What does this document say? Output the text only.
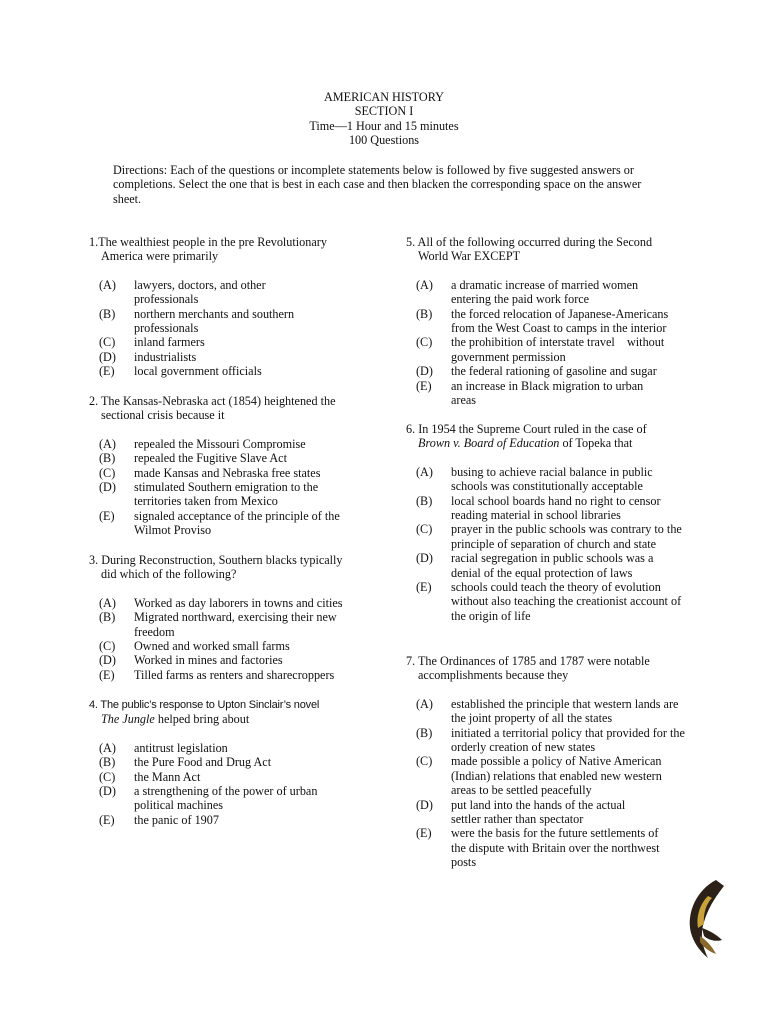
AMERICAN HISTORY
SECTION I
Time—1 Hour and 15 minutes
100 Questions
Directions: Each of the questions or incomplete statements below is followed by five suggested answers or completions. Select the one that is best in each case and then blacken the corresponding space on the answer sheet.
1.The wealthiest people in the pre Revolutionary
America were primarily
(A)	lawyers, doctors, and other professionals
(B)	northern merchants and southern professionals
(C)	inland farmers
(D)	industrialists
(E)	local government officials
2. The Kansas-Nebraska act (1854) heightened the
sectional crisis because it
(A)	repealed the Missouri Compromise
(B)	repealed the Fugitive Slave Act
(C)	made Kansas and Nebraska free states
(D)	stimulated Southern emigration to the territories taken from Mexico
(E)	signaled acceptance of the principle of the Wilmot Proviso
3. During Reconstruction, Southern blacks typically
did which of the following?
(A)	Worked as day laborers in towns and cities
(B)	Migrated northward, exercising their new freedom
(C)	Owned and worked small farms
(D)	Worked in mines and factories
(E)	Tilled farms as renters and sharecroppers
4. The public’s response to Upton Sinclair’s novel
The Jungle helped bring about
(A)	antitrust legislation
(B)	the Pure Food and Drug Act
(C)	the Mann Act
(D)	a strengthening of the power of urban political machines
(E)	the panic of 1907
5. All of the following occurred during the Second
World War EXCEPT
(A)	a dramatic increase of married women entering the paid work force
(B)	the forced relocation of Japanese-Americans from the West Coast to camps in the interior
(C)	the prohibition of interstate travel    without government permission
(D)	the federal rationing of gasoline and sugar
(E)	an increase in Black migration to urban areas
6. In 1954 the Supreme Court ruled in the case of
Brown v. Board of Education of Topeka that
(A)	busing to achieve racial balance in public schools was constitutionally acceptable
(B)	local school boards hand no right to censor reading material in school libraries
(C)	prayer in the public schools was contrary to the principle of separation of church and state
(D)	racial segregation in public schools was a denial of the equal protection of laws
(E)	schools could teach the theory of evolution without also teaching the creationist account of the origin of life
7. The Ordinances of 1785 and 1787 were notable
accomplishments because they
(A)	established the principle that western lands are the joint property of all the states
(B)	initiated a territorial policy that provided for the orderly creation of new states
(C)	made possible a policy of Native American (Indian) relations that enabled new western areas to be settled peacefully
(D)	put land into the hands of the actual settler rather than spectator
(E)	were the basis for the future settlements of the dispute with Britain over the northwest posts
